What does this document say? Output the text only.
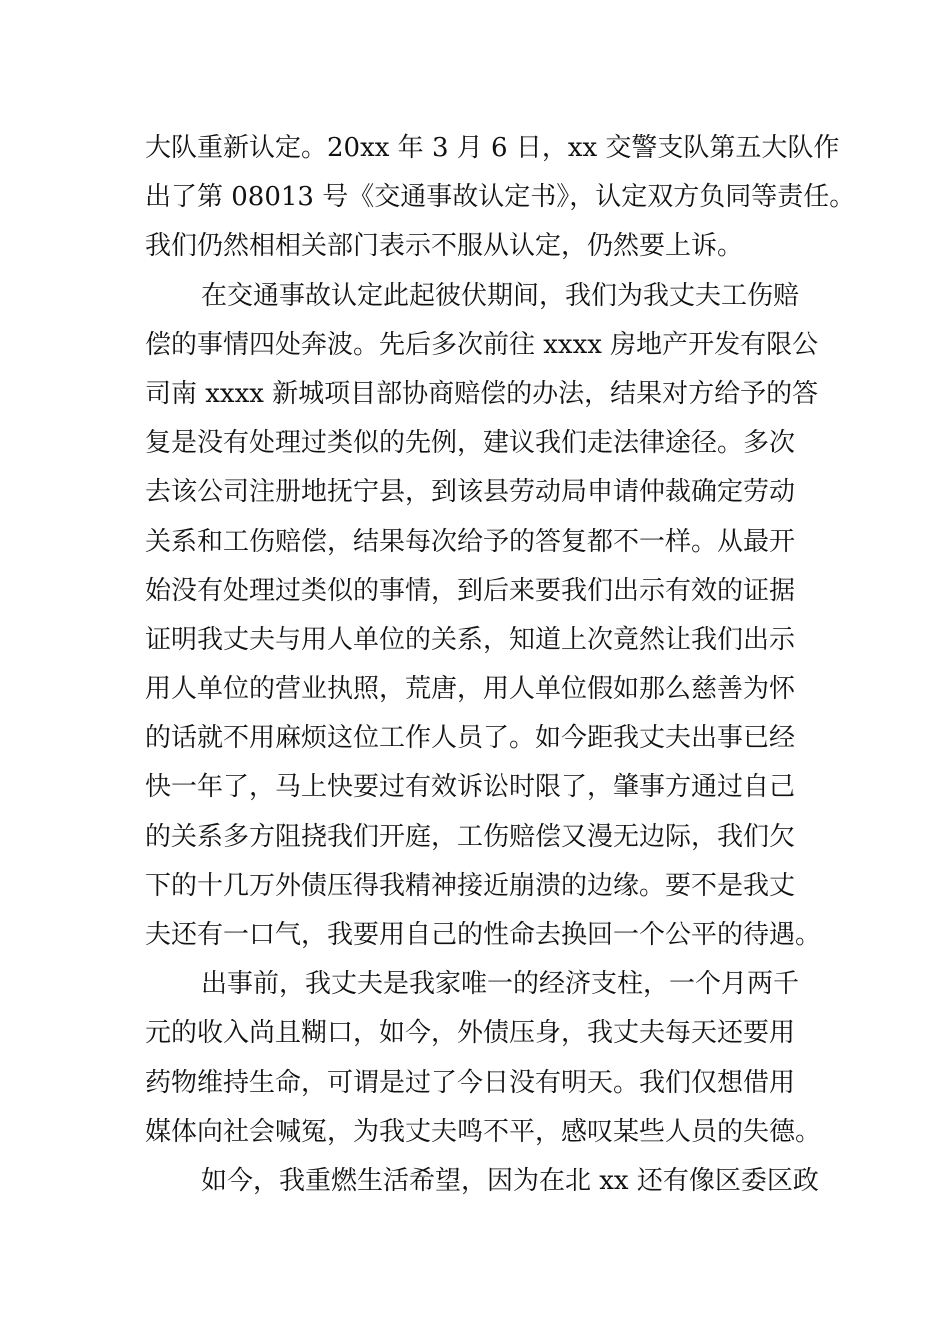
大队重新认定。20xx 年 3 月 6 日，xx 交警支队第五大队作
出了第 08013 号《交通事故认定书》，认定双方负同等责任。
我们仍然相相关部门表示不服从认定，仍然要上诉。
在交通事故认定此起彼伏期间，我们为我丈夫工伤赔
偿的事情四处奔波。先后多次前往 xxxx 房地产开发有限公
司南 xxxx 新城项目部协商赔偿的办法，结果对方给予的答
复是没有处理过类似的先例，建议我们走法律途径。多次
去该公司注册地抚宁县，到该县劳动局申请仲裁确定劳动
关系和工伤赔偿，结果每次给予的答复都不一样。从最开
始没有处理过类似的事情，到后来要我们出示有效的证据
证明我丈夫与用人单位的关系，知道上次竟然让我们出示
用人单位的营业执照，荒唐，用人单位假如那么慈善为怀
的话就不用麻烦这位工作人员了。如今距我丈夫出事已经
快一年了，马上快要过有效诉讼时限了，肇事方通过自己
的关系多方阻挠我们开庭，工伤赔偿又漫无边际，我们欠
下的十几万外债压得我精神接近崩溃的边缘。要不是我丈
夫还有一口气，我要用自己的性命去换回一个公平的待遇。
出事前，我丈夫是我家唯一的经济支柱，一个月两千
元的收入尚且糊口，如今，外债压身，我丈夫每天还要用
药物维持生命，可谓是过了今日没有明天。我们仅想借用
媒体向社会喊冤，为我丈夫鸣不平，感叹某些人员的失德。
如今，我重燃生活希望，因为在北 xx 还有像区委区政
